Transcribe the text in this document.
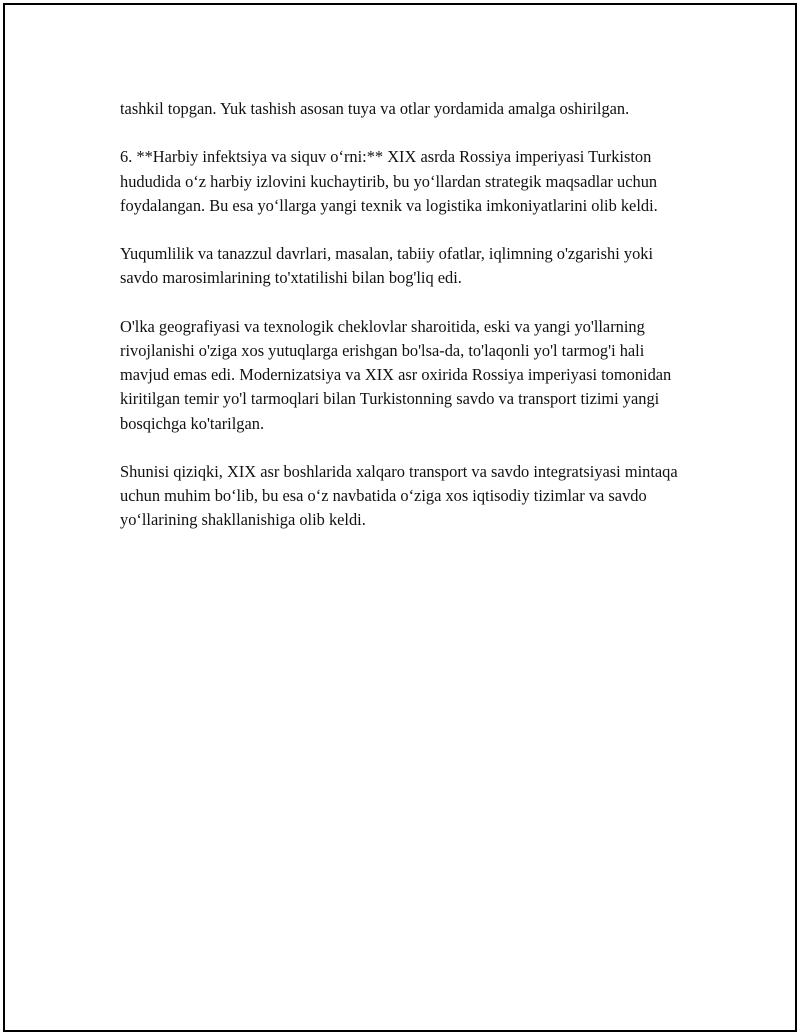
tashkil topgan. Yuk tashish asosan tuya va otlar yordamida amalga oshirilgan.

6. **Harbiy infektsiya va siquv o‘rni:** XIX asrda Rossiya imperiyasi Turkiston hududida o‘z harbiy izlovini kuchaytirib, bu yo‘llardan strategik maqsadlar uchun foydalangan. Bu esa yo‘llarga yangi texnik va logistika imkoniyatlarini olib keldi.

Yuqumlilik va tanazzul davrlari, masalan, tabiiy ofatlar, iqlimning o'zgarishi yoki savdo marosimlarining to'xtatilishi bilan bog'liq edi.

O'lka geografiyasi va texnologik cheklovlar sharoitida, eski va yangi yo'llarning rivojlanishi o'ziga xos yutuqlarga erishgan bo'lsa-da, to'laqonli yo'l tarmog'i hali mavjud emas edi. Modernizatsiya va XIX asr oxirida Rossiya imperiyasi tomonidan kiritilgan temir yo'l tarmoqlari bilan Turkistonning savdo va transport tizimi yangi bosqichga ko'tarilgan.

Shunisi qiziqki, XIX asr boshlarida xalqaro transport va savdo integratsiyasi mintaqa uchun muhim bo‘lib, bu esa o‘z navbatida o‘ziga xos iqtisodiy tizimlar va savdo yo‘llarining shakllanishiga olib keldi.
